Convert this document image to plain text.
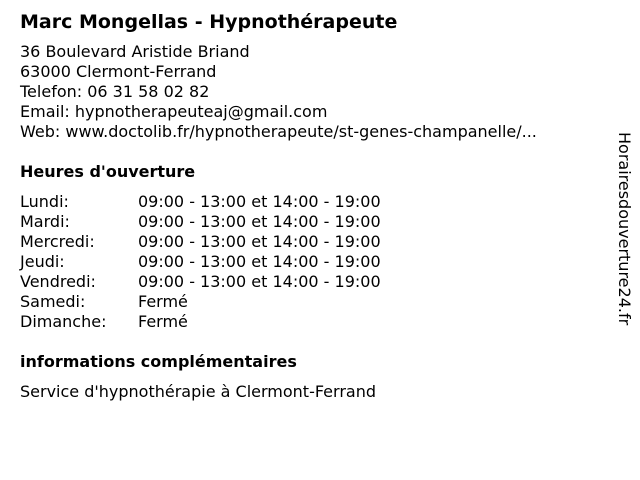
Marc Mongellas - Hypnothérapeute
36 Boulevard Aristide Briand
63000 Clermont-Ferrand
Telefon: 06 31 58 02 82
Email: hypnotherapeuteaj@gmail.com
Web: www.doctolib.fr/hypnotherapeute/st-genes-champanelle/...
Heures d'ouverture
Lundi:	09:00 - 13:00 et 14:00 - 19:00
Mardi:	09:00 - 13:00 et 14:00 - 19:00
Mercredi:	09:00 - 13:00 et 14:00 - 19:00
Jeudi:	09:00 - 13:00 et 14:00 - 19:00
Vendredi:	09:00 - 13:00 et 14:00 - 19:00
Samedi:	Fermé
Dimanche:	Fermé
informations complémentaires
Service d'hypnothérapie à Clermont-Ferrand
Horairesdouverture24.fr
